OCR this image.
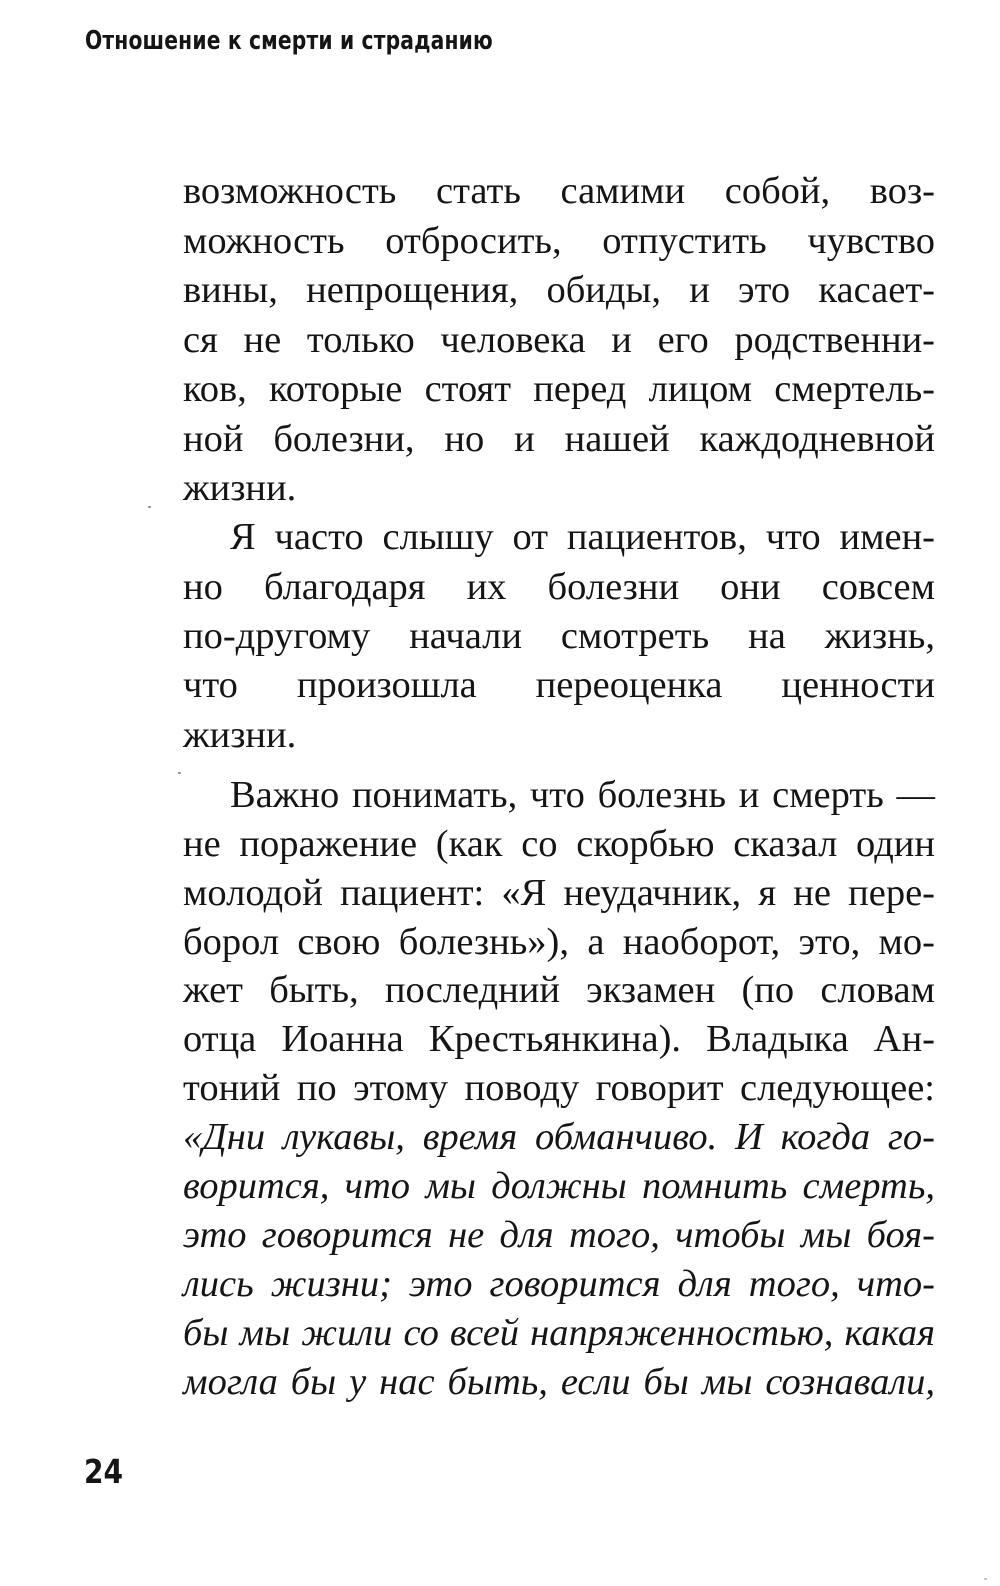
Отношение к смерти и страданию
возможность стать самими собой, воз-
можность отбросить, отпустить чувство
вины, непрощения, обиды, и это касает-
ся не только человека и его родственни-
ков, которые стоят перед лицом смертель-
ной болезни, но и нашей каждодневной
жизни.
Я часто слышу от пациентов, что имен-
но благодаря их болезни они совсем
по-другому начали смотреть на жизнь,
что произошла переоценка ценности
жизни.
Важно понимать, что болезнь и смерть —
не поражение (как со скорбью сказал один
молодой пациент: «Я неудачник, я не пере-
борол свою болезнь»), а наоборот, это, мо-
жет быть, последний экзамен (по словам
отца Иоанна Крестьянкина). Владыка Ан-
тоний по этому поводу говорит следующее:
«Дни лукавы, время обманчиво. И когда го-
ворится, что мы должны помнить смерть,
это говорится не для того, чтобы мы боя-
лись жизни; это говорится для того, что-
бы мы жили со всей напряженностью, какая
могла бы у нас быть, если бы мы сознавали,
24
